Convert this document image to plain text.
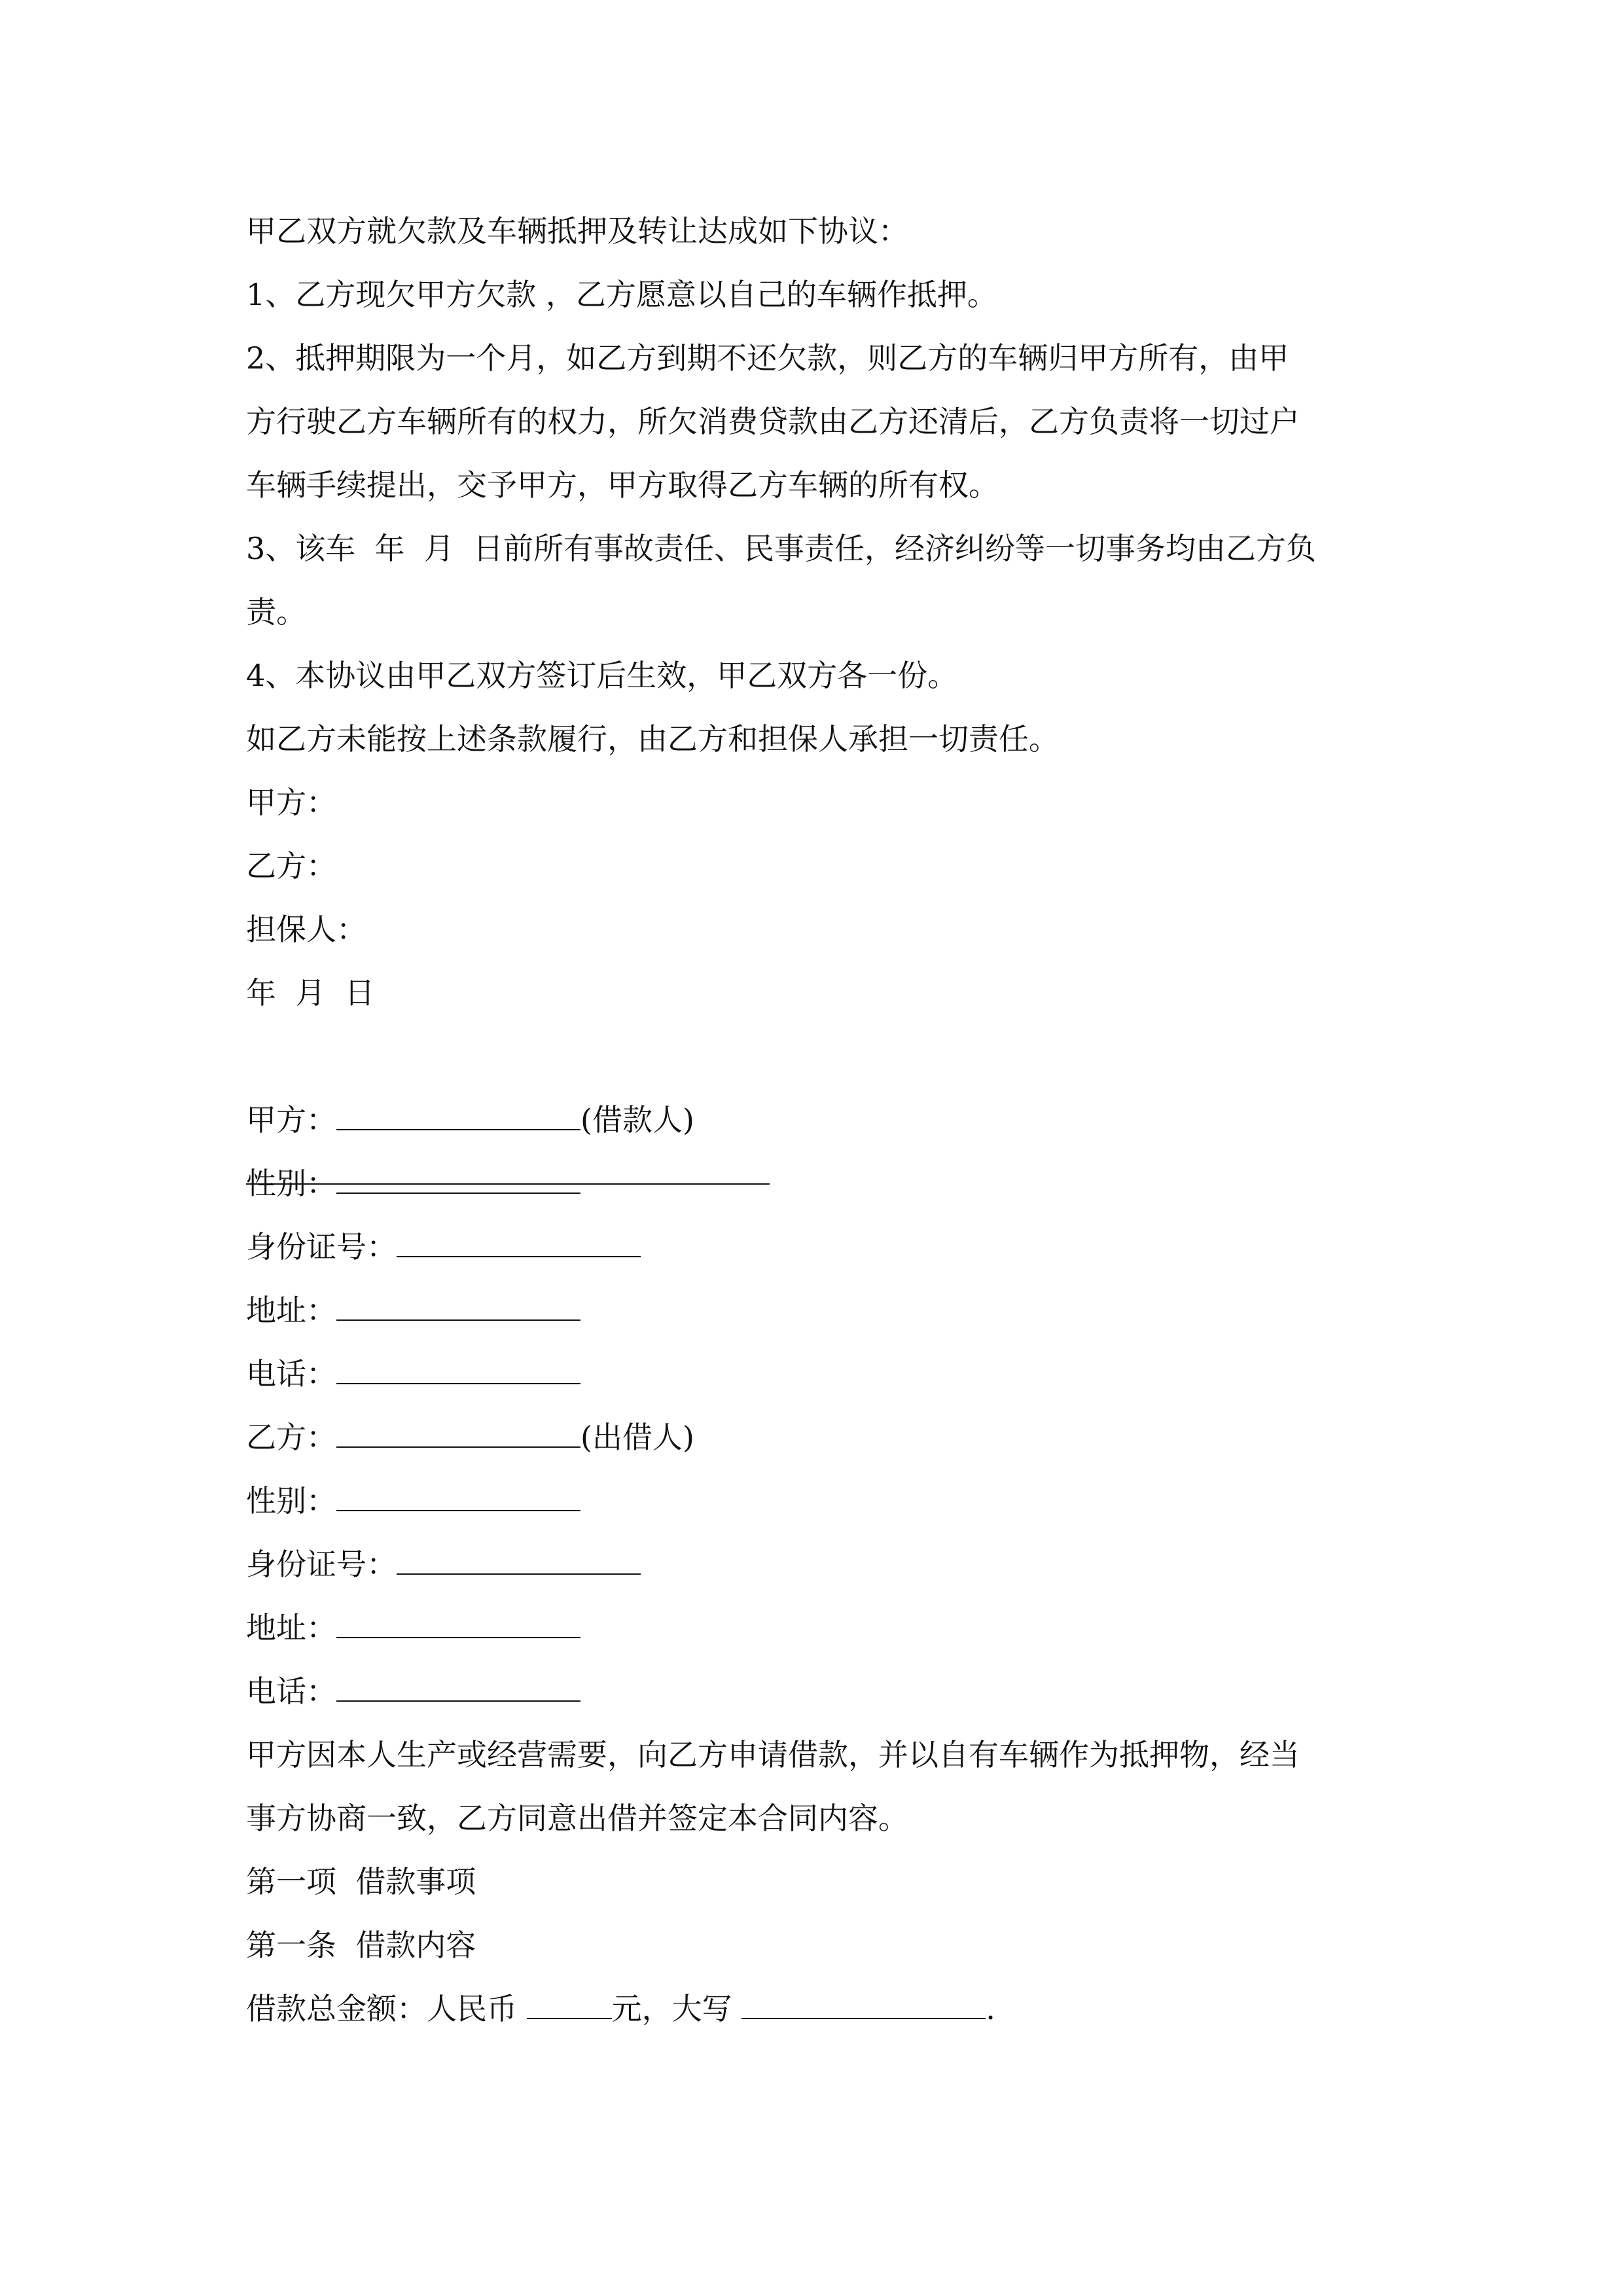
甲乙双方就欠款及车辆抵押及转让达成如下协议：
1、乙方现欠甲方欠款 ，乙方愿意以自己的车辆作抵押。
2、抵押期限为一个月，如乙方到期不还欠款，则乙方的车辆归甲方所有，由甲
方行驶乙方车辆所有的权力，所欠消费贷款由乙方还清后，乙方负责将一切过户
车辆手续提出，交予甲方，甲方取得乙方车辆的所有权。
3、该车  年  月  日前所有事故责任、民事责任，经济纠纷等一切事务均由乙方负
责。
4、本协议由甲乙双方签订后生效，甲乙双方各一份。
如乙方未能按上述条款履行，由乙方和担保人承担一切责任。
甲方：
乙方：
担保人：
年  月  日

甲方：	(借款人)
性别：
身份证号：
地址：
电话：
乙方：	(出借人)
性别：
身份证号：
地址：
电话：
甲方因本人生产或经营需要，向乙方申请借款，并以自有车辆作为抵押物，经当
事方协商一致，乙方同意出借并签定本合同内容。
第一项  借款事项
第一条  借款内容
借款总金额：人民币	元，大写	.
